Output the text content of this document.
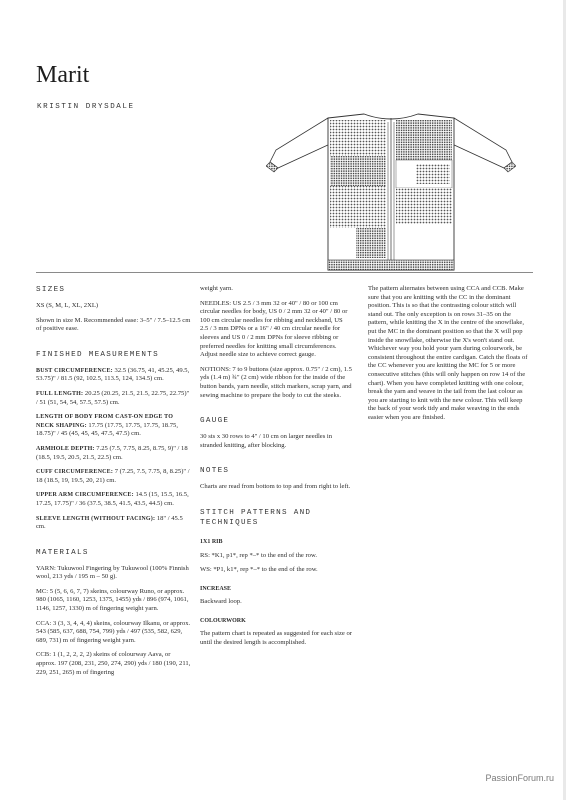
Marit
KRISTIN DRYSDALE
SIZES

XS (S, M, L, XL, 2XL)

Shown in size M. Recommended ease: 3–5" / 7.5–12.5 cm of positive ease.

FINISHED MEASUREMENTS

BUST CIRCUMFERENCE: 32.5 (36.75, 41, 45.25, 49.5, 53.75)" / 81.5 (92, 102.5, 113.5, 124, 134.5) cm.

FULL LENGTH: 20.25 (20.25, 21.5, 21.5, 22.75, 22.75)" / 51 (51, 54, 54, 57.5, 57.5) cm.

LENGTH OF BODY FROM CAST-ON EDGE TO NECK SHAPING: 17.75 (17.75, 17.75, 17.75, 18.75, 18.75)" / 45 (45, 45, 45, 47.5, 47.5) cm.

ARMHOLE DEPTH: 7.25 (7.5, 7.75, 8.25, 8.75, 9)" / 18 (18.5, 19.5, 20.5, 21.5, 22.5) cm.

CUFF CIRCUMFERENCE: 7 (7.25, 7.5, 7.75, 8, 8.25)" / 18 (18.5, 19, 19.5, 20, 21) cm.

UPPER ARM CIRCUMFERENCE: 14.5 (15, 15.5, 16.5, 17.25, 17.75)" / 36 (37.5, 38.5, 41.5, 43.5, 44.5) cm.

SLEEVE LENGTH (WITHOUT FACING): 18" / 45.5 cm.

MATERIALS

YARN: Tukuwool Fingering by Tukuwool (100% Finnish wool, 213 yds / 195 m – 50 g).

MC: 5 (5, 6, 6, 7, 7) skeins, colourway Runo, or approx. 980 (1065, 1160, 1253, 1375, 1455) yds / 896 (974, 1061, 1146, 1257, 1330) m of fingering weight yarn.

CCA: 3 (3, 3, 4, 4, 4) skeins, colourway Ilkanu, or approx. 543 (585, 637, 688, 754, 799) yds / 497 (535, 582, 629, 689, 731) m of fingering weight yarn.

CCB: 1 (1, 2, 2, 2, 2) skeins of colourway Aava, or approx. 197 (208, 231, 250, 274, 290) yds / 180 (190, 211, 229, 251, 265) m of fingering

weight yarn.

NEEDLES: US 2.5 / 3 mm 32 or 40" / 80 or 100 cm circular needles for body, US 0 / 2 mm 32 or 40" / 80 or 100 cm circular needles for ribbing and neckband, US 2.5 / 3 mm DPNs or a 16" / 40 cm circular needle for sleeves and US 0 / 2 mm DPNs for sleeve ribbing or preferred needles for knitting small circumferences. Adjust needle size to achieve correct gauge.

NOTIONS: 7 to 9 buttons (size approx. 0.75" / 2 cm), 1.5 yds (1.4 m) ¾" (2 cm) wide ribbon for the inside of the button bands, yarn needle, stitch markers, scrap yarn, and sewing machine to prepare the body to cut the steeks.

GAUGE

30 sts x 30 rows to 4" / 10 cm on larger needles in stranded knitting, after blocking.

NOTES

Charts are read from bottom to top and from right to left.

STITCH PATTERNS AND TECHNIQUES
1X1 RIB

RS: *K1, p1*, rep *–* to the end of the row.

WS: *P1, k1*, rep *–* to the end of the row.

INCREASE

Backward loop.

COLOURWORK

The pattern chart is repeated as suggested for each size or until the desired length is accomplished.

The pattern alternates between using CCA and CCB. Make sure that you are knitting with the CC in the dominant position. This is so that the contrasting colour stitch will stand out. The only exception is on rows 31–35 on the pattern, while knitting the X in the centre of the snowflake, put the MC in the dominant position so that the X will pop inside the snowflake, otherwise the X's won't stand out. Whichever way you hold your yarn during colourwork, be consistent throughout the entire cardigan. Catch the floats of the CC whenever you are knitting the MC for 5 or more consecutive stitches (this will only happen on row 14 of the chart). When you have completed knitting with one colour, break the yarn and weave in the tail from the last colour as you are starting to knit with the new colour. This will keep the back of your work tidy and make weaving in the ends easier when you are finished.

PassionForum.ru
